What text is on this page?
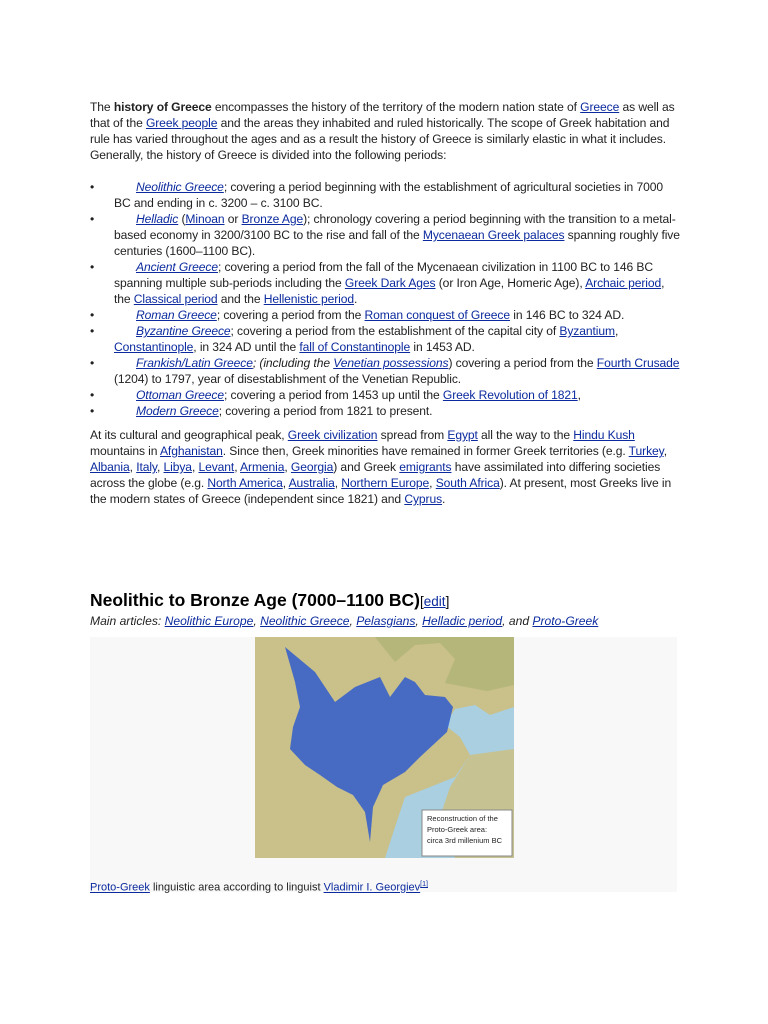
The history of Greece encompasses the history of the territory of the modern nation state of Greece as well as that of the Greek people and the areas they inhabited and ruled historically. The scope of Greek habitation and rule has varied throughout the ages and as a result the history of Greece is similarly elastic in what it includes. Generally, the history of Greece is divided into the following periods:

•	Neolithic Greece; covering a period beginning with the establishment of agricultural societies in 7000 BC and ending in c. 3200 – c. 3100 BC.
•	Helladic (Minoan or Bronze Age); chronology covering a period beginning with the transition to a metal-based economy in 3200/3100 BC to the rise and fall of the Mycenaean Greek palaces spanning roughly five centuries (1600–1100 BC).
•	Ancient Greece; covering a period from the fall of the Mycenaean civilization in 1100 BC to 146 BC spanning multiple sub-periods including the Greek Dark Ages (or Iron Age, Homeric Age), Archaic period, the Classical period and the Hellenistic period.
•	Roman Greece; covering a period from the Roman conquest of Greece in 146 BC to 324 AD.
•	Byzantine Greece; covering a period from the establishment of the capital city of Byzantium, Constantinople, in 324 AD until the fall of Constantinople in 1453 AD.
•	Frankish/Latin Greece; (including the Venetian possessions) covering a period from the Fourth Crusade (1204) to 1797, year of disestablishment of the Venetian Republic.
•	Ottoman Greece; covering a period from 1453 up until the Greek Revolution of 1821,
•	Modern Greece; covering a period from 1821 to present.

At its cultural and geographical peak, Greek civilization spread from Egypt all the way to the Hindu Kush mountains in Afghanistan. Since then, Greek minorities have remained in former Greek territories (e.g. Turkey, Albania, Italy, Libya, Levant, Armenia, Georgia) and Greek emigrants have assimilated into differing societies across the globe (e.g. North America, Australia, Northern Europe, South Africa). At present, most Greeks live in the modern states of Greece (independent since 1821) and Cyprus.

Neolithic to Bronze Age (7000–1100 BC)[edit]
Main articles: Neolithic Europe, Neolithic Greece, Pelasgians, Helladic period, and Proto-Greek
Reconstruction of the
Proto-Greek area:
circa 3rd millenium BC
Proto-Greek linguistic area according to linguist Vladimir I. Georgiev[1]
